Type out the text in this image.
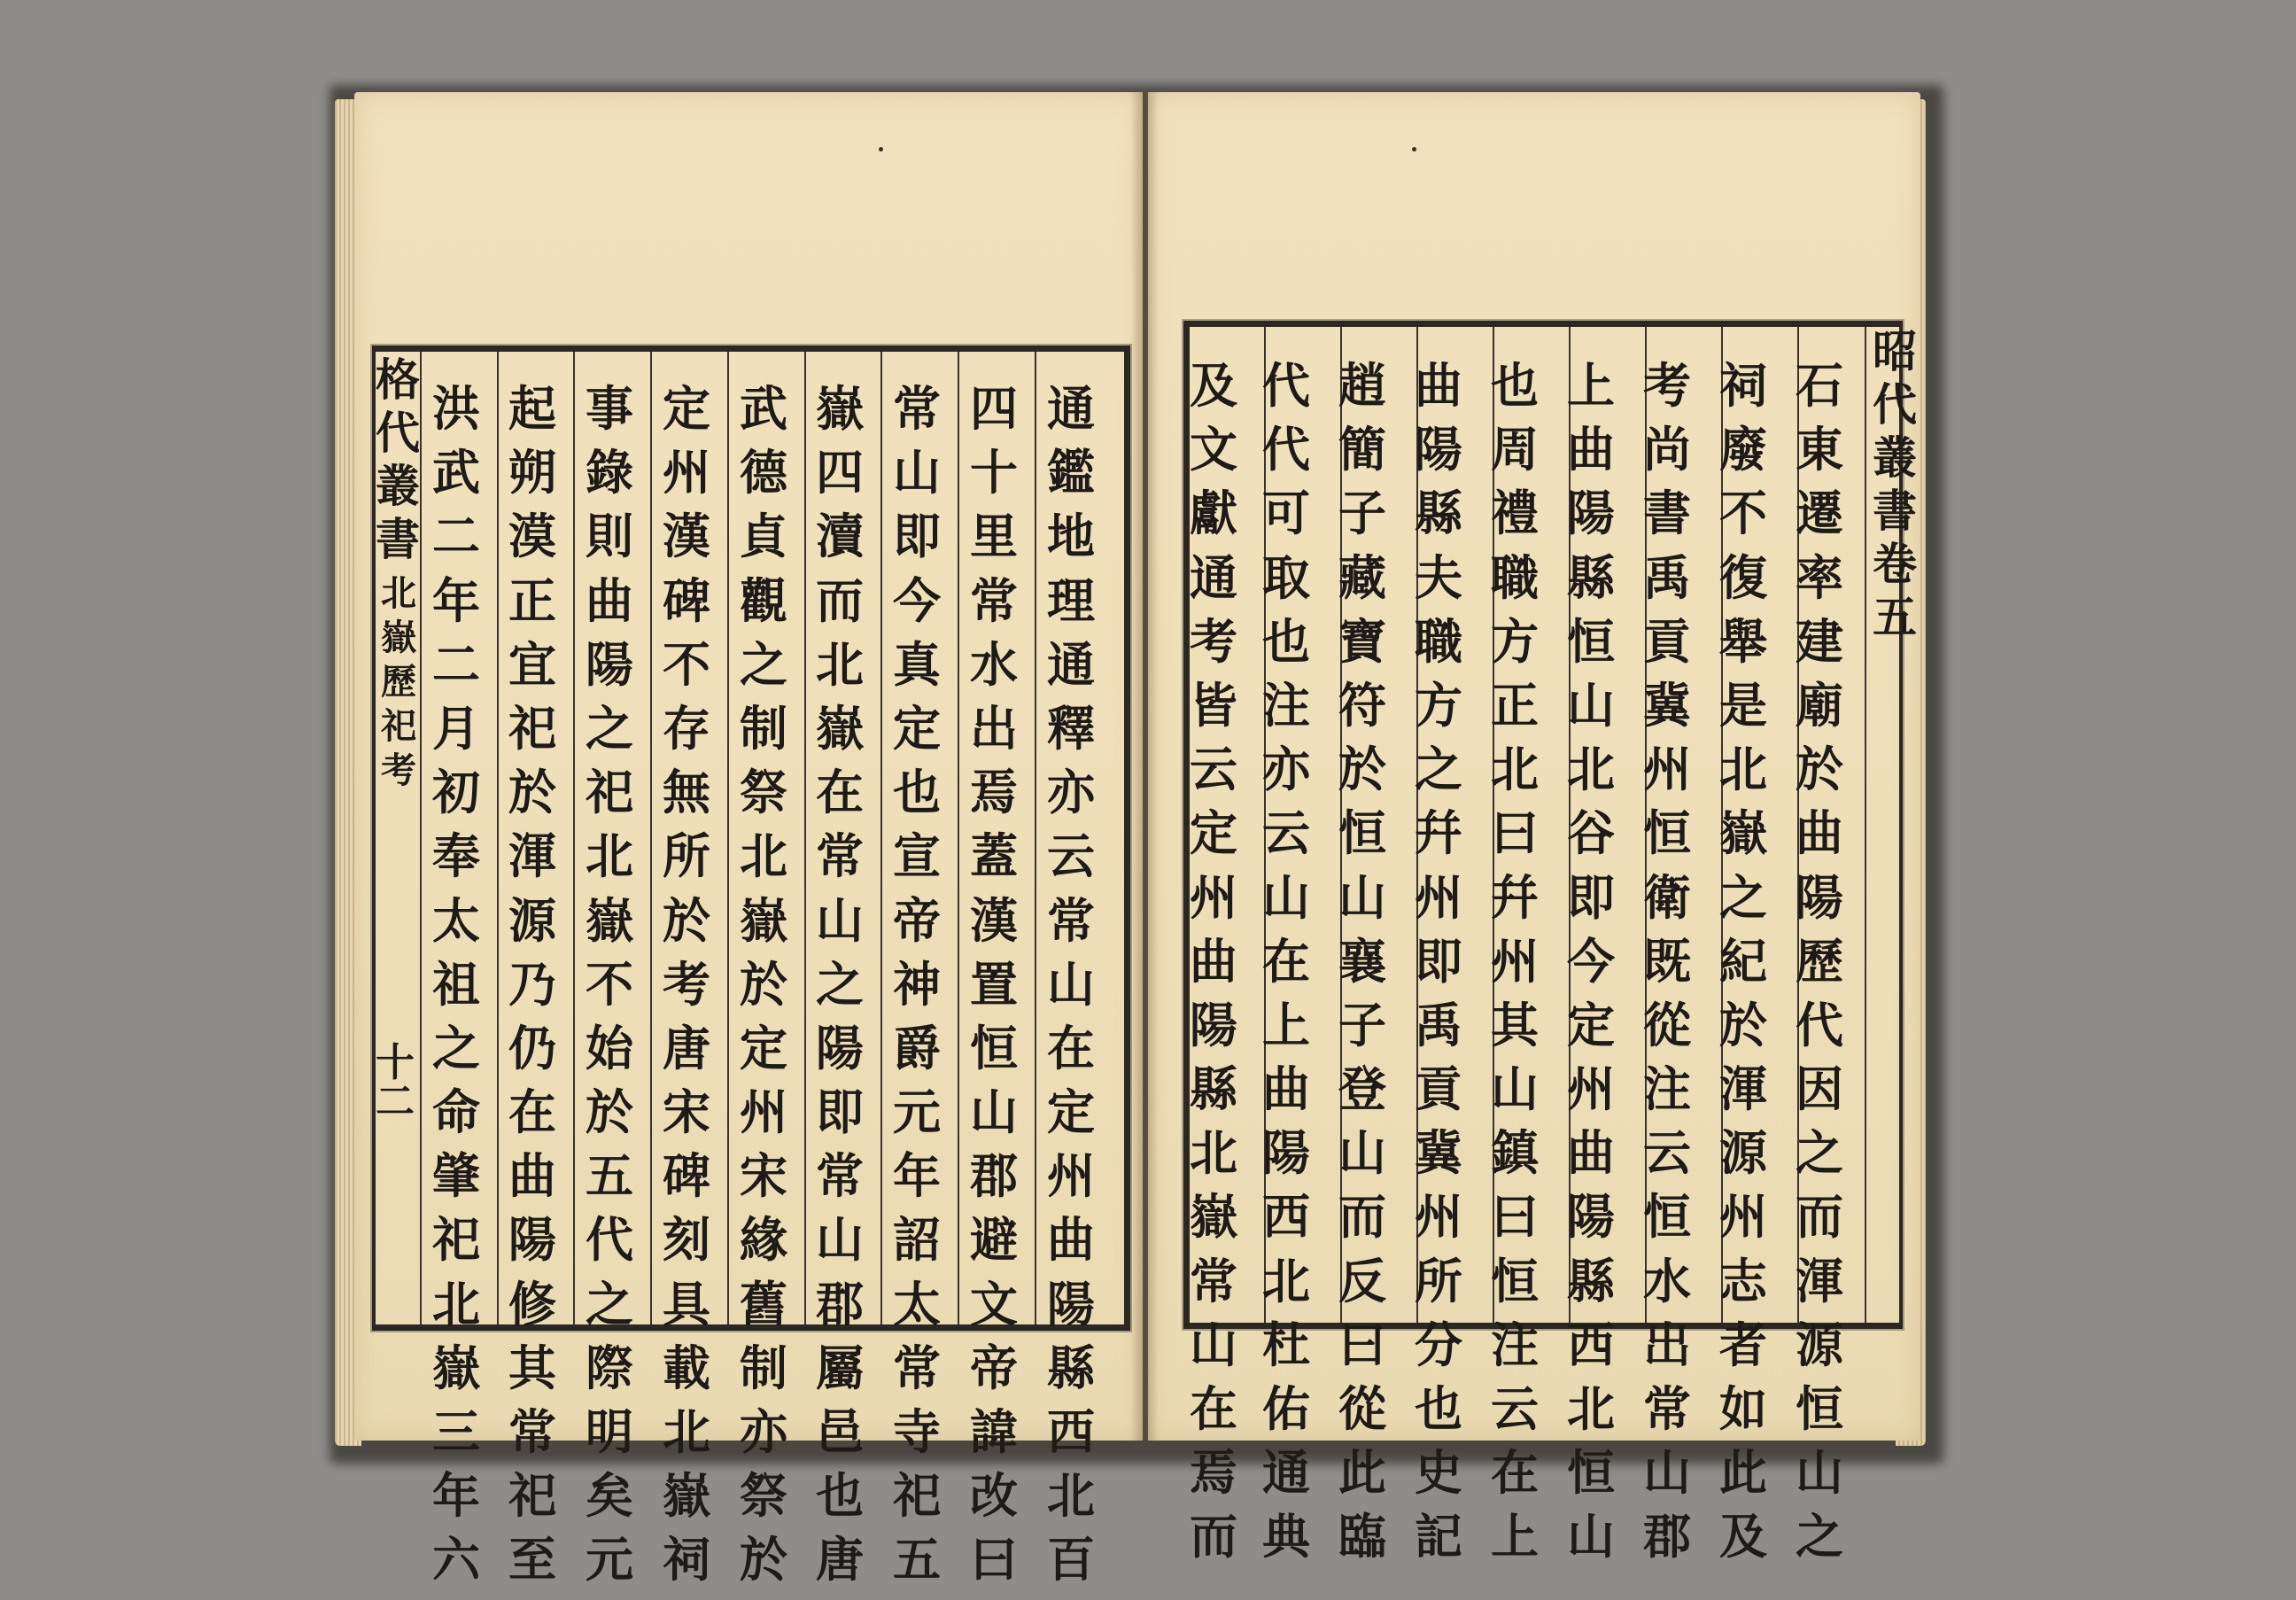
通
鑑
地
理
通
釋
亦
云
常
山
在
定
州
曲
陽
縣
西
北
百
四
十
里
常
水
出
焉
蓋
漢
置
恒
山
郡
避
文
帝
諱
改
曰
常
山
即
今
真
定
也
宣
帝
神
爵
元
年
詔
太
常
寺
祀
五
嶽
四
瀆
而
北
嶽
在
常
山
之
陽
即
常
山
郡
屬
邑
也
唐
武
德
貞
觀
之
制
祭
北
嶽
於
定
州
宋
緣
舊
制
亦
祭
於
定
州
漢
碑
不
存
無
所
於
考
唐
宋
碑
刻
具
載
北
嶽
祠
事
錄
則
曲
陽
之
祀
北
嶽
不
始
於
五
代
之
際
明
矣
元
起
朔
漠
正
宜
祀
於
渾
源
乃
仍
在
曲
陽
修
其
常
祀
至
洪
武
二
年
二
月
初
奉
太
祖
之
命
肇
祀
北
嶽
三
年
六
格
代
叢
書
北
嶽
歷
祀
考
十
二
石
東
遷
率
建
廟
於
曲
陽
歷
代
因
之
而
渾
源
恒
山
之
祠
廢
不
復
舉
是
北
嶽
之
紀
於
渾
源
州
志
者
如
此
及
考
尚
書
禹
貢
冀
州
恒
衛
既
從
注
云
恒
水
出
常
山
郡
上
曲
陽
縣
恒
山
北
谷
即
今
定
州
曲
陽
縣
西
北
恒
山
也
周
禮
職
方
正
北
曰
幷
州
其
山
鎮
曰
恒
注
云
在
上
曲
陽
縣
夫
職
方
之
幷
州
即
禹
貢
冀
州
所
分
也
史
記
趙
簡
子
藏
寶
符
於
恒
山
襄
子
登
山
而
反
曰
從
此
臨
代
代
可
取
也
注
亦
云
山
在
上
曲
陽
西
北
杜
佑
通
典
及
文
獻
通
考
皆
云
定
州
曲
陽
縣
北
嶽
常
山
在
焉
而
昭
代
叢
書
卷
五
